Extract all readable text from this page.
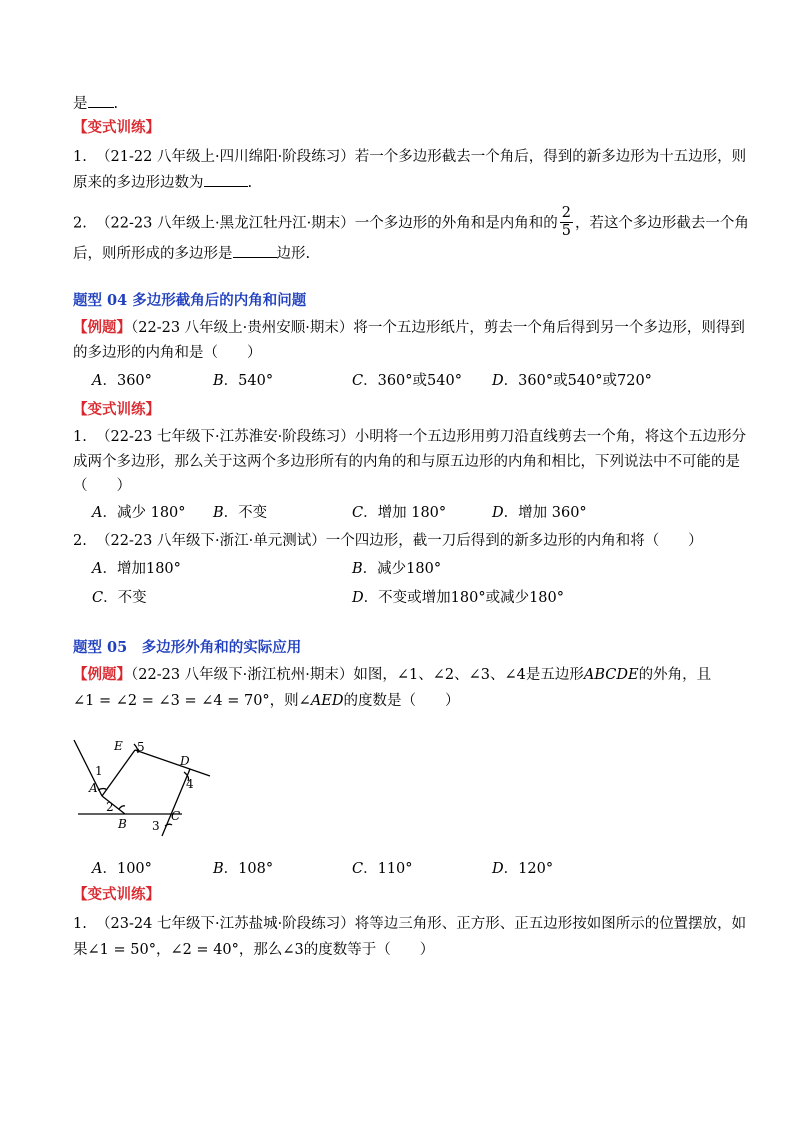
是 .
【变式训练】
1. （21-22 八年级上·四川绵阳·阶段练习）若一个多边形截去一个角后，得到的新多边形为十五边形，则
原来的多边形边数为	.
2. （22-23 八年级上·黑龙江牡丹江·期末）一个多边形的外角和是内角和的 $\frac{2}{5}$ ，若这个多边形截去一个角
后，则所形成的多边形是	边形.
题型 04 多边形截角后的内角和问题
【例题】（22-23 八年级上·贵州安顺·期末）将一个五边形纸片，剪去一个角后得到另一个多边形，则得到
的多边形的内角和是（　　）
A．360°	B．540°	C．360°或540° D．360°或540°或720°
【变式训练】
1. （22-23 七年级下·江苏淮安·阶段练习）小明将一个五边形用剪刀沿直线剪去一个角，将这个五边形分
成两个多边形，那么关于这两个多边形所有的内角的和与原五边形的内角和相比，下列说法中不可能的是
（　　）
A．减少 180° B．不变	C．增加 180°	D．增加 360°
2. （22-23 八年级下·浙江·单元测试）一个四边形，截一刀后得到的新多边形的内角和将（　　）
A．增加180°	B．减少180°
C．不变	D．不变或增加180°或减少180°
题型 05　多边形外角和的实际应用
【例题】（22-23 八年级下·浙江杭州·期末）如图，∠1、∠2、∠3、∠4是五边形ABCDE的外角，且
∠1 = ∠2 = ∠3 = ∠4 = 70°，则∠AED的度数是（　　）
E 5
D
1
4
A
2
B 3
C
A．100°	B．108°	C．110°	D．120°
【变式训练】
1. （23-24 七年级下·江苏盐城·阶段练习）将等边三角形、正方形、正五边形按如图所示的位置摆放，如
果∠1 = 50°，∠2 = 40°，那么∠3的度数等于（　　）
